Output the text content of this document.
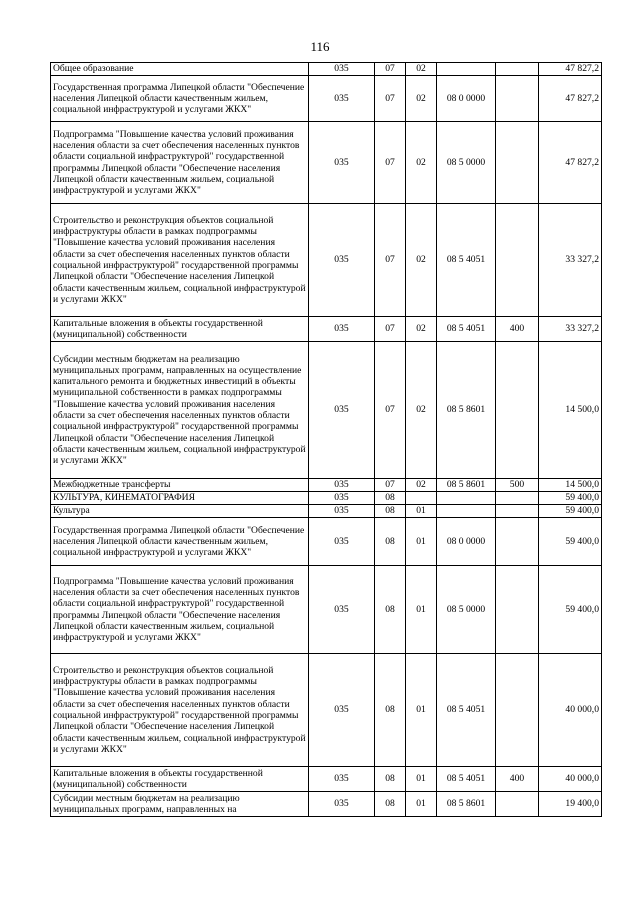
116
Общее образование	035	07	02			47 827,2
Государственная программа Липецкой области "Обеспечение населения Липецкой области качественным жильем, социальной инфраструктурой и услугами ЖКХ"	035	07	02	08 0 0000		47 827,2
Подпрограмма "Повышение качества условий проживания населения области за счет обеспечения населенных пунктов области социальной инфраструктурой" государственной программы Липецкой области "Обеспечение населения Липецкой области качественным жильем, социальной инфраструктурой и услугами ЖКХ"	035	07	02	08 5 0000		47 827,2
Строительство и реконструкция объектов социальной инфраструктуры области в рамках подпрограммы "Повышение качества условий проживания населения области за счет обеспечения населенных пунктов области социальной инфраструктурой" государственной программы Липецкой области "Обеспечение населения Липецкой области качественным жильем, социальной инфраструктурой и услугами ЖКХ"	035	07	02	08 5 4051		33 327,2
Капитальные вложения в объекты государственной (муниципальной) собственности	035	07	02	08 5 4051	400	33 327,2
Субсидии местным бюджетам на реализацию муниципальных программ, направленных на осуществление капитального ремонта и бюджетных инвестиций в объекты муниципальной собственности в рамках подпрограммы "Повышение качества условий проживания населения области за счет обеспечения населенных пунктов области социальной инфраструктурой" государственной программы Липецкой области "Обеспечение населения Липецкой области качественным жильем, социальной инфраструктурой и услугами ЖКХ"	035	07	02	08 5 8601		14 500,0
Межбюджетные трансферты	035	07	02	08 5 8601	500	14 500,0
КУЛЬТУРА, КИНЕМАТОГРАФИЯ	035	08				59 400,0
Культура	035	08	01			59 400,0
Государственная программа Липецкой области "Обеспечение населения Липецкой области качественным жильем, социальной инфраструктурой и услугами ЖКХ"	035	08	01	08 0 0000		59 400,0
Подпрограмма "Повышение качества условий проживания населения области за счет обеспечения населенных пунктов области социальной инфраструктурой" государственной программы Липецкой области "Обеспечение населения Липецкой области качественным жильем, социальной инфраструктурой и услугами ЖКХ"	035	08	01	08 5 0000		59 400,0
Строительство и реконструкция объектов социальной инфраструктуры области в рамках подпрограммы "Повышение качества условий проживания населения области за счет обеспечения населенных пунктов области социальной инфраструктурой" государственной программы Липецкой области "Обеспечение населения Липецкой области качественным жильем, социальной инфраструктурой и услугами ЖКХ"	035	08	01	08 5 4051		40 000,0
Капитальные вложения в объекты государственной (муниципальной) собственности	035	08	01	08 5 4051	400	40 000,0
Субсидии местным бюджетам на реализацию муниципальных программ, направленных на	035	08	01	08 5 8601		19 400,0
